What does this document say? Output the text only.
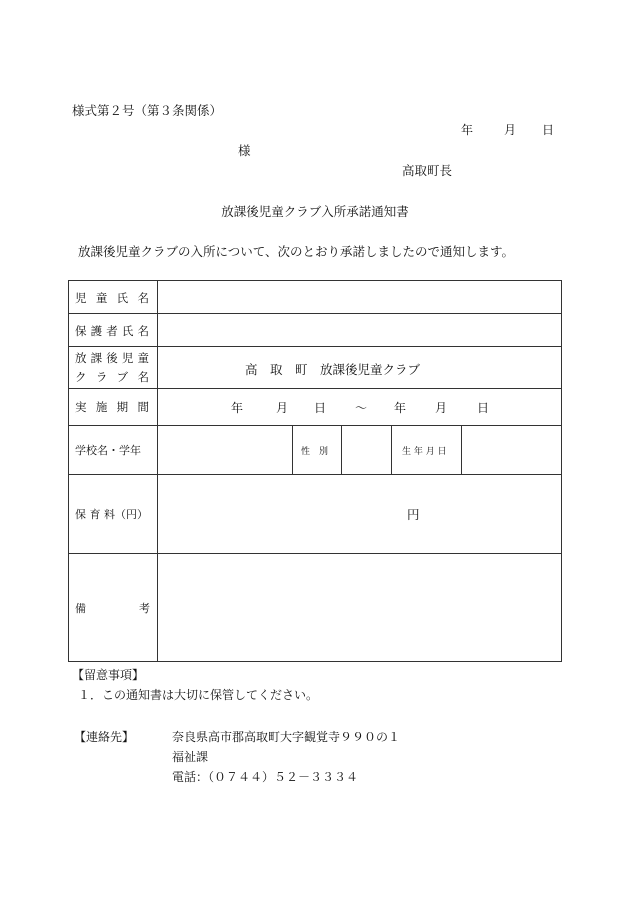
様式第２号（第３条関係）
年	月 日
様
高取町長
放課後児童クラブ入所承諾通知書
放課後児童クラブの入所について、次のとおり承諾しましたので通知します。
児 童 氏 名
保 護 者 氏 名
放 課 後 児 童
ク ラ ブ 名	高　取　町　放課後児童クラブ
実 施 期 間	年	月 日 ～ 年 月 日
学校名・学年	性　別	生 年 月 日
保 育 料（円）	円
備	考
【留意事項】
１．この通知書は大切に保管してください。
【連絡先】	奈良県高市郡高取町大字観覚寺９９０の１
福祉課
電話：（０７４４）５２－３３３４
